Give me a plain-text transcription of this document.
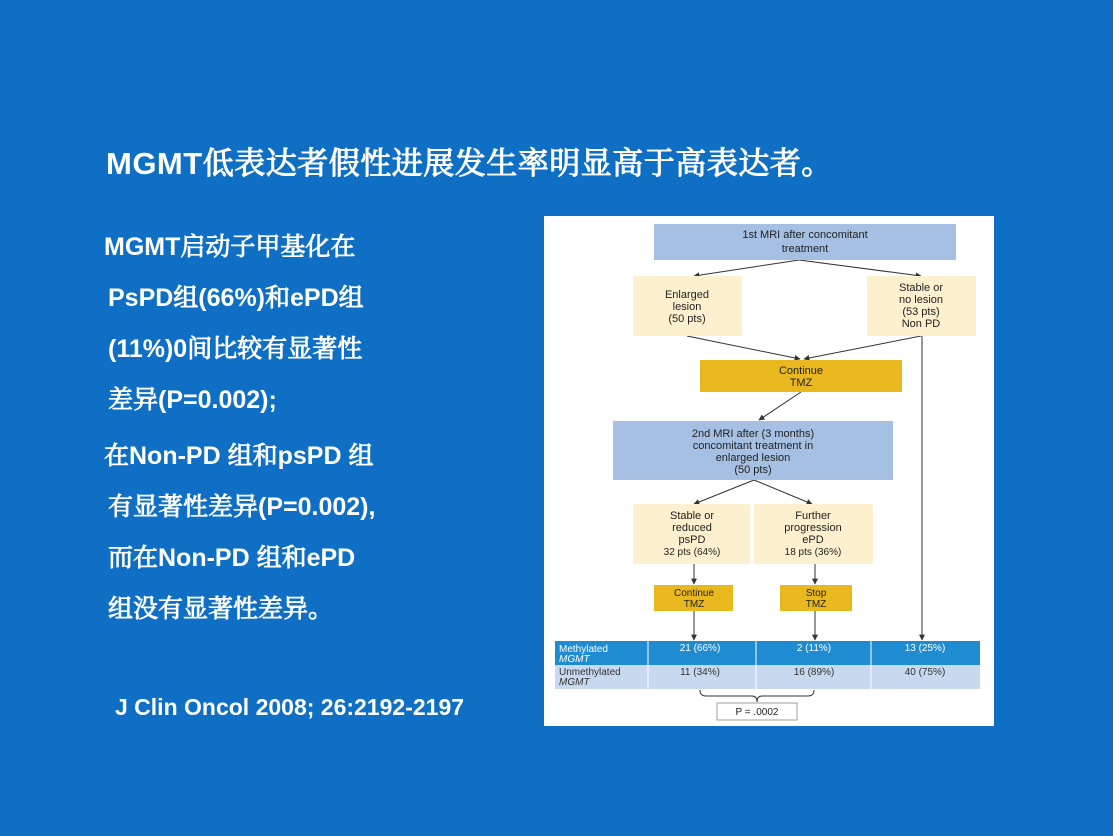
MGMT低表达者假性进展发生率明显高于高表达者。
MGMT启动子甲基化在
PsPD组(66%)和ePD组
(11%)0间比较有显著性
差异(P=0.002);
在Non-PD 组和psPD 组
有显著性差异(P=0.002),
而在Non-PD 组和ePD
组没有显著性差异。
J Clin Oncol 2008; 26:2192-2197
1st MRI after concomitant
treatment
Enlarged
lesion
(50 pts)
Stable or
no lesion
(53 pts)
Non PD
Continue
TMZ
2nd MRI after (3 months)
concomitant treatment in
enlarged lesion
(50 pts)
Stable or
reduced
psPD
32 pts (64%)
Further
progression
ePD
18 pts (36%)
Continue
TMZ
Stop
TMZ
Methylated
MGMT
21 (66%)	2 (11%)	13 (25%)
Unmethylated
MGMT
11 (34%)	16 (89%)	40 (75%)
P = .0002
